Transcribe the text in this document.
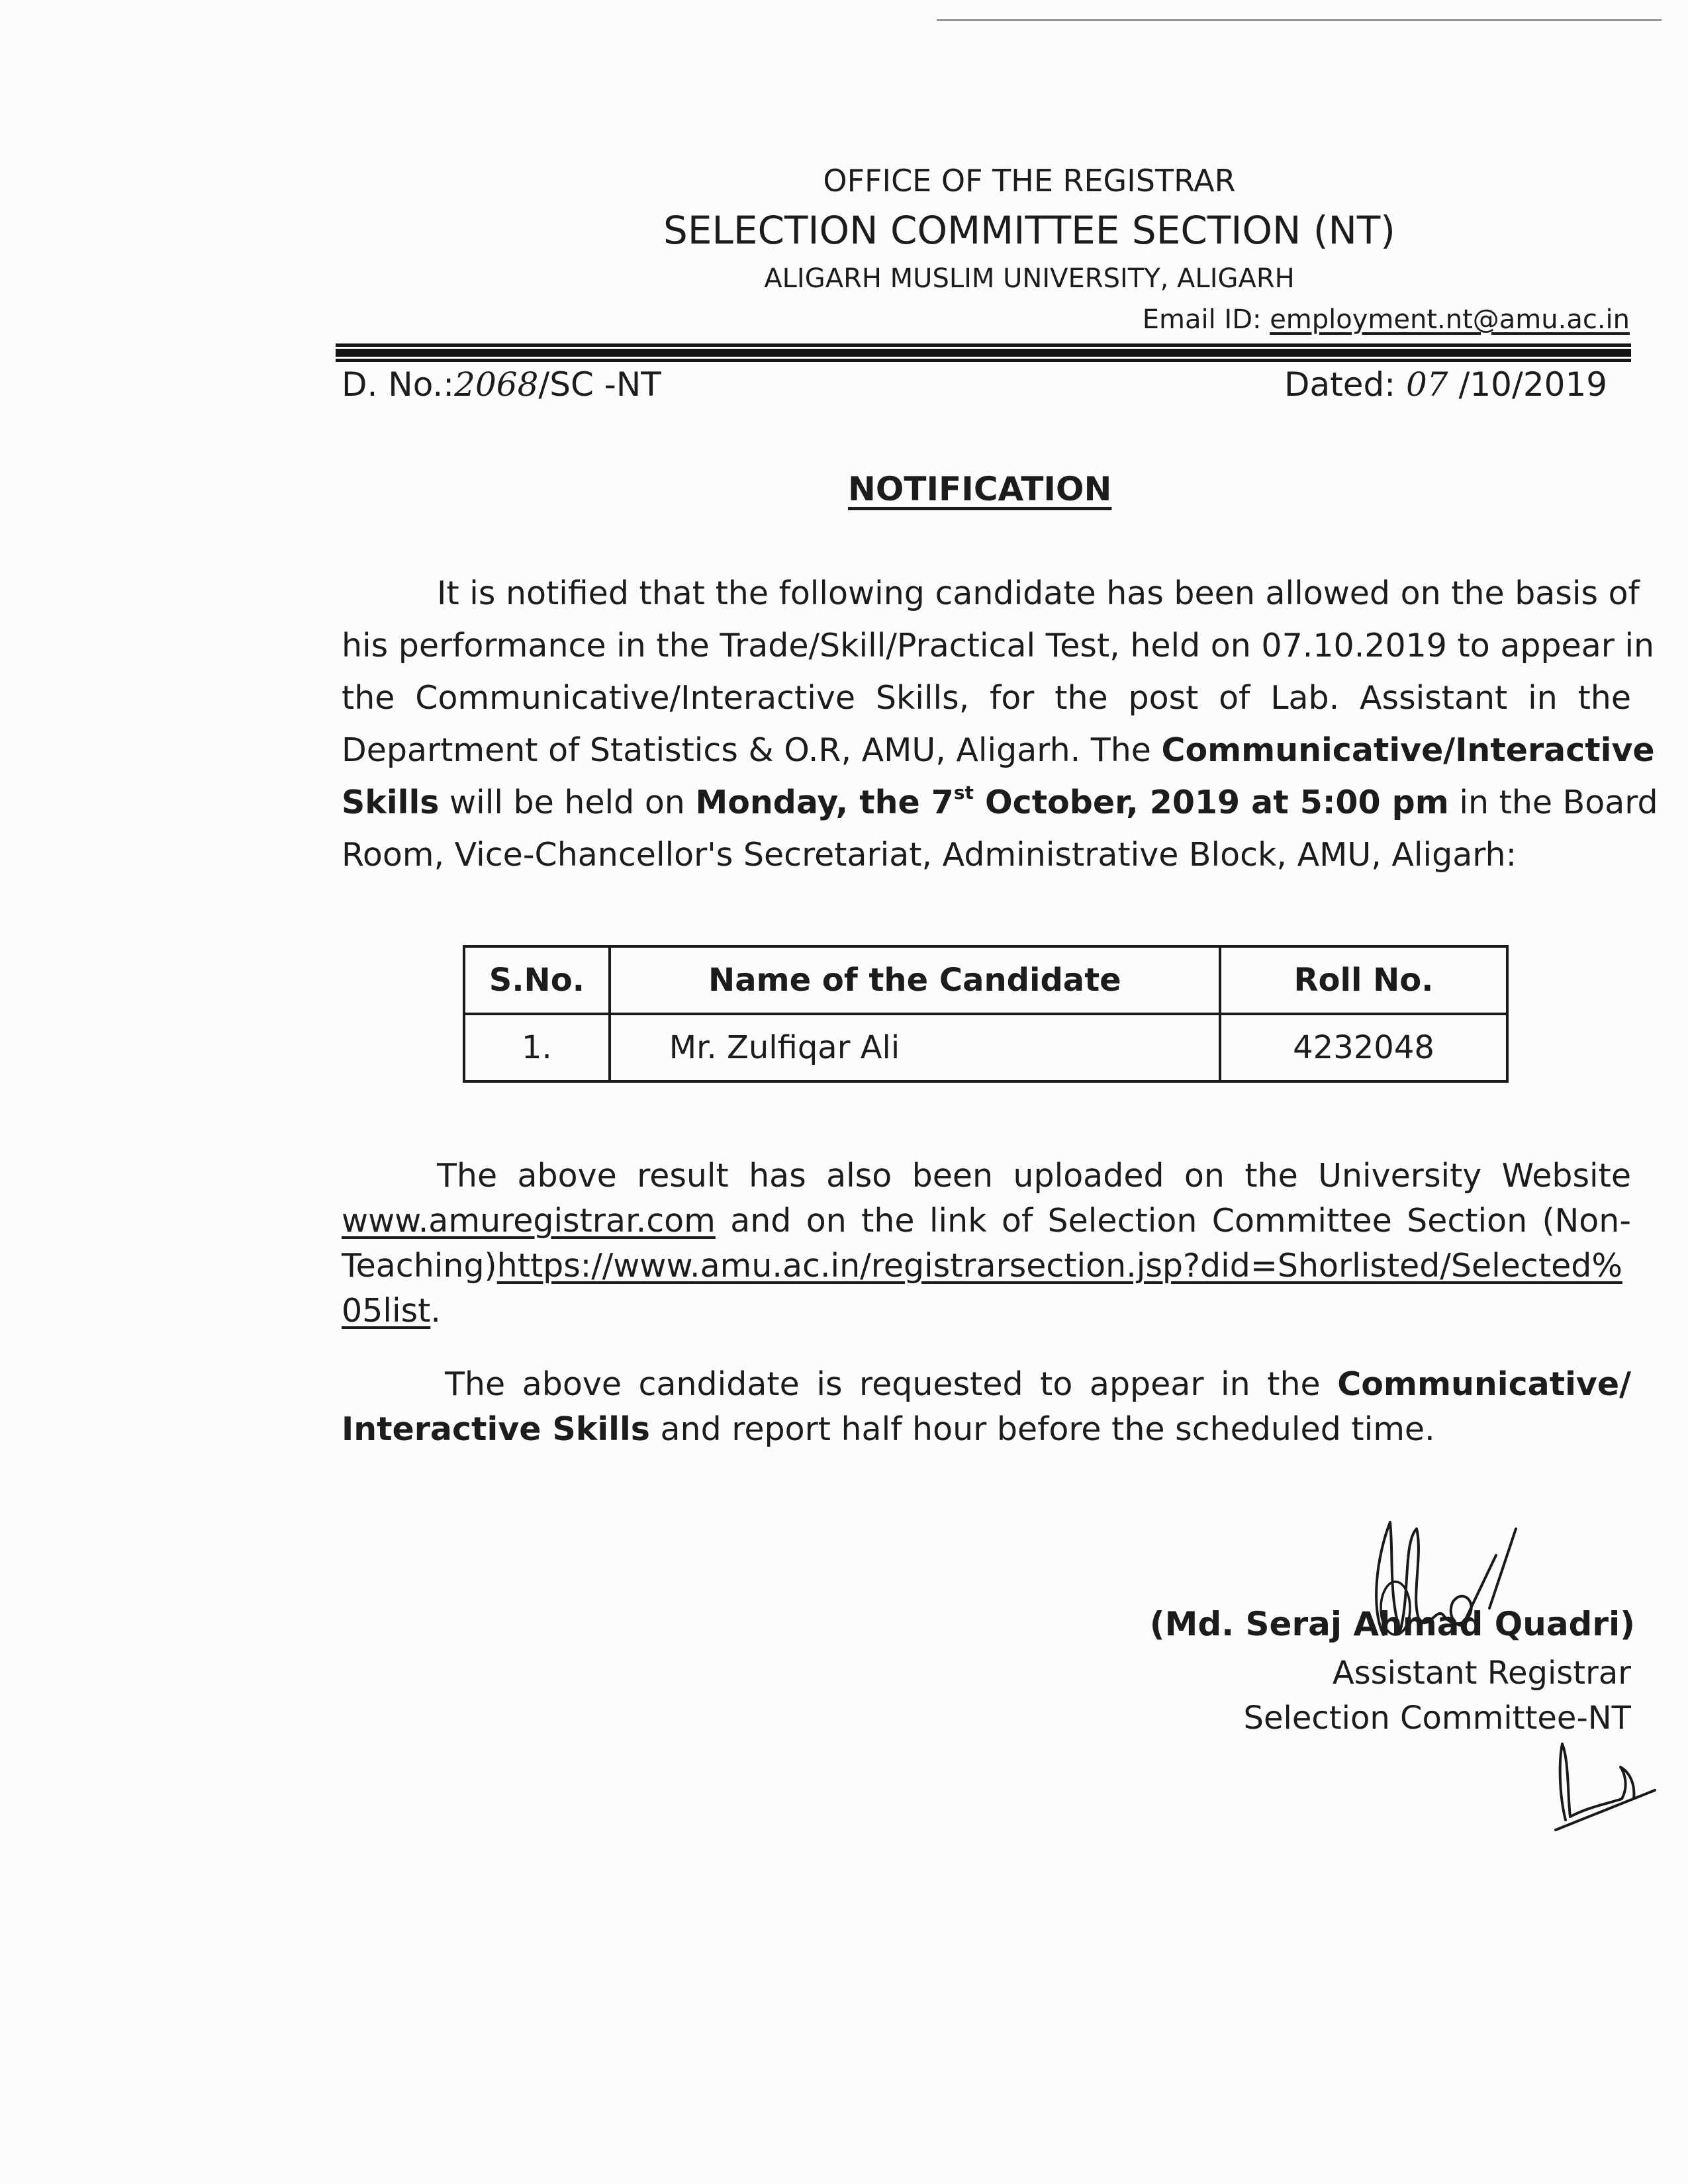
OFFICE OF THE REGISTRAR
SELECTION COMMITTEE SECTION (NT)
ALIGARH MUSLIM UNIVERSITY, ALIGARH
Email ID: employment.nt@amu.ac.in
D. No.:2068/SC -NT	Dated: 07 /10/2019
NOTIFICATION
It is notified that the following candidate has been allowed on the basis of
his performance in the Trade/Skill/Practical Test, held on 07.10.2019 to appear in
the Communicative/Interactive Skills, for the post of Lab. Assistant in the
Department of Statistics & O.R, AMU, Aligarh. The Communicative/Interactive
Skills will be held on Monday, the 7st October, 2019 at 5:00 pm in the Board
Room, Vice-Chancellor's Secretariat, Administrative Block, AMU, Aligarh:
S.No.	Name of the Candidate	Roll No.
1.	Mr. Zulfiqar Ali	4232048
The above result has also been uploaded on the University Website
www.amuregistrar.com and on the link of Selection Committee Section (Non-
Teaching)https://www.amu.ac.in/registrarsection.jsp?did=Shorlisted/Selected%
05list.
The above candidate is requested to appear in the Communicative/
Interactive Skills and report half hour before the scheduled time.
(Md. Seraj Ahmad Quadri)
Assistant Registrar
Selection Committee-NT
